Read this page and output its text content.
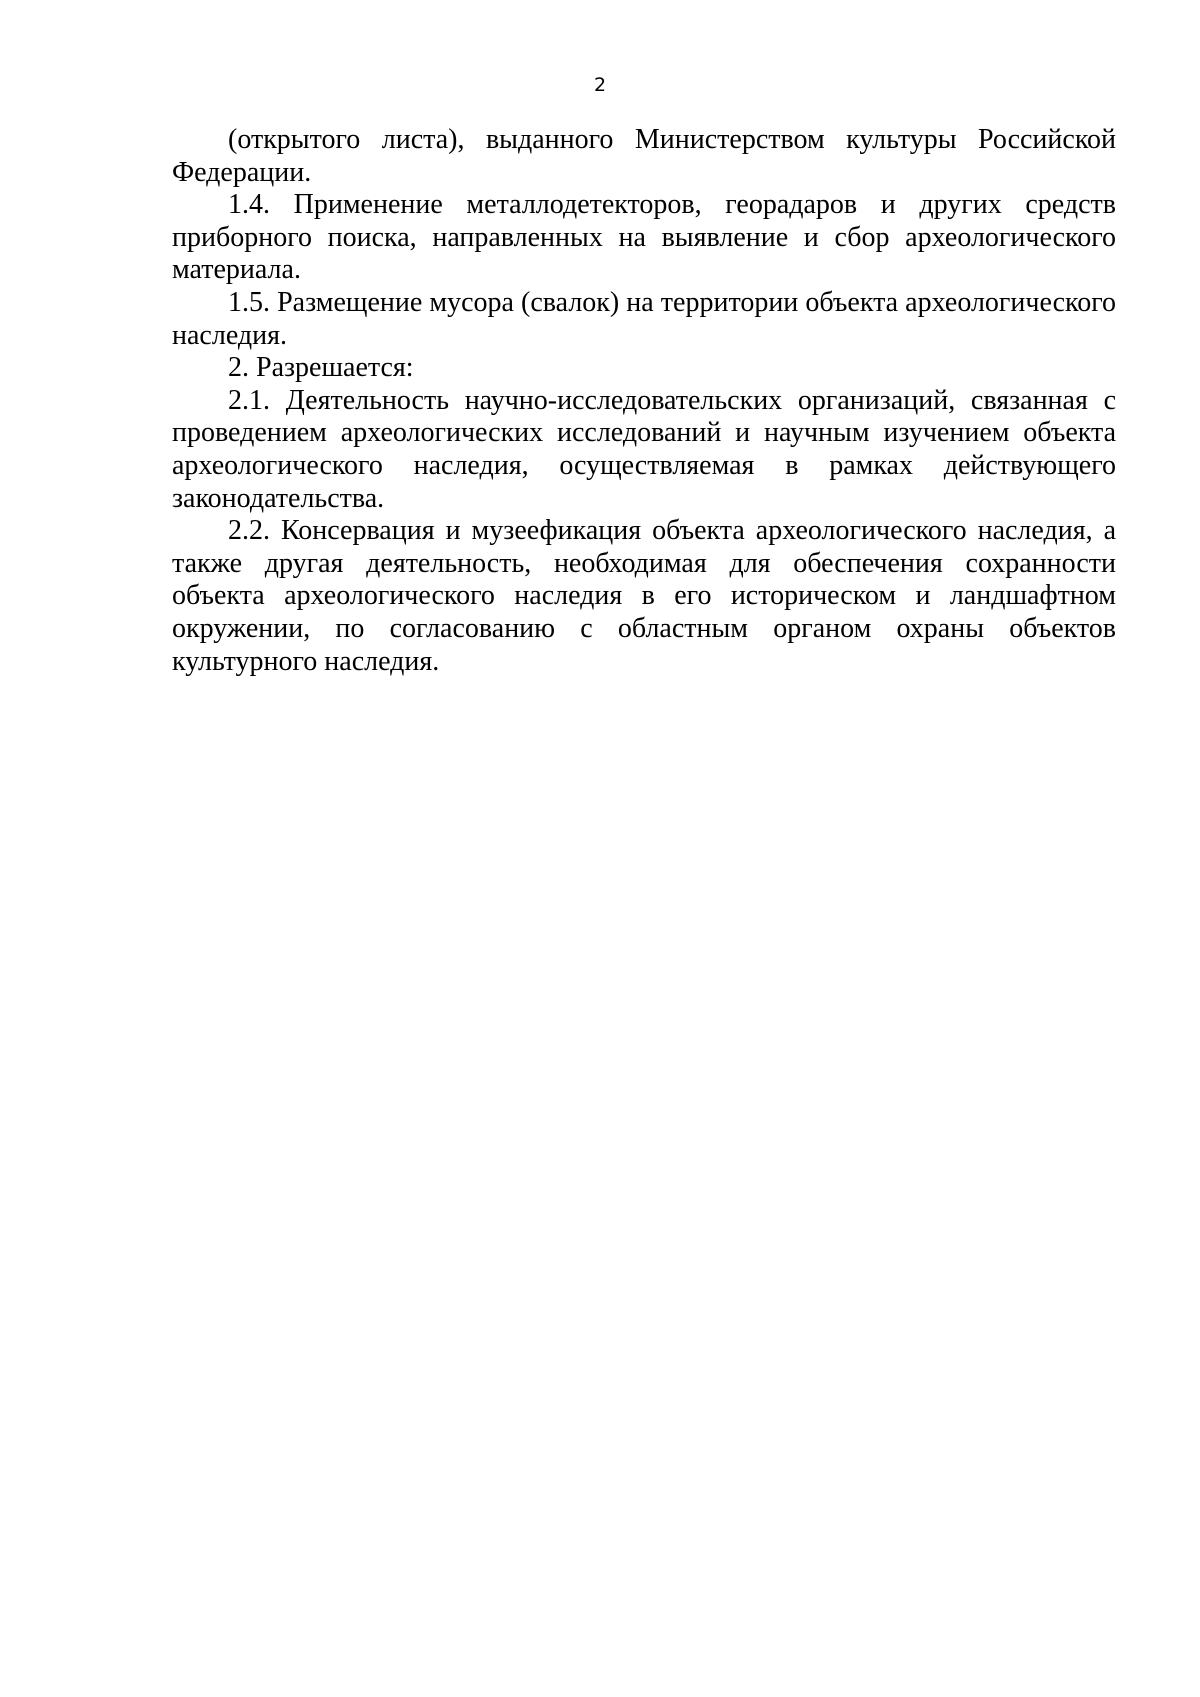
2

(открытого листа), выданного Министерством культуры Российской Федерации.

1.4. Применение металлодетекторов, георадаров и других средств приборного поиска, направленных на выявление и сбор археологического материала.

1.5. Размещение мусора (свалок) на территории объекта археологического наследия.

2. Разрешается:

2.1. Деятельность научно-исследовательских организаций, связанная с проведением археологических исследований и научным изучением объекта археологического наследия, осуществляемая в рамках действующего законодательства.

2.2. Консервация и музеефикация объекта археологического наследия, а также другая деятельность, необходимая для обеспечения сохранности объекта археологического наследия в его историческом и ландшафтном окружении, по согласованию с областным органом охраны объектов культурного наследия.
